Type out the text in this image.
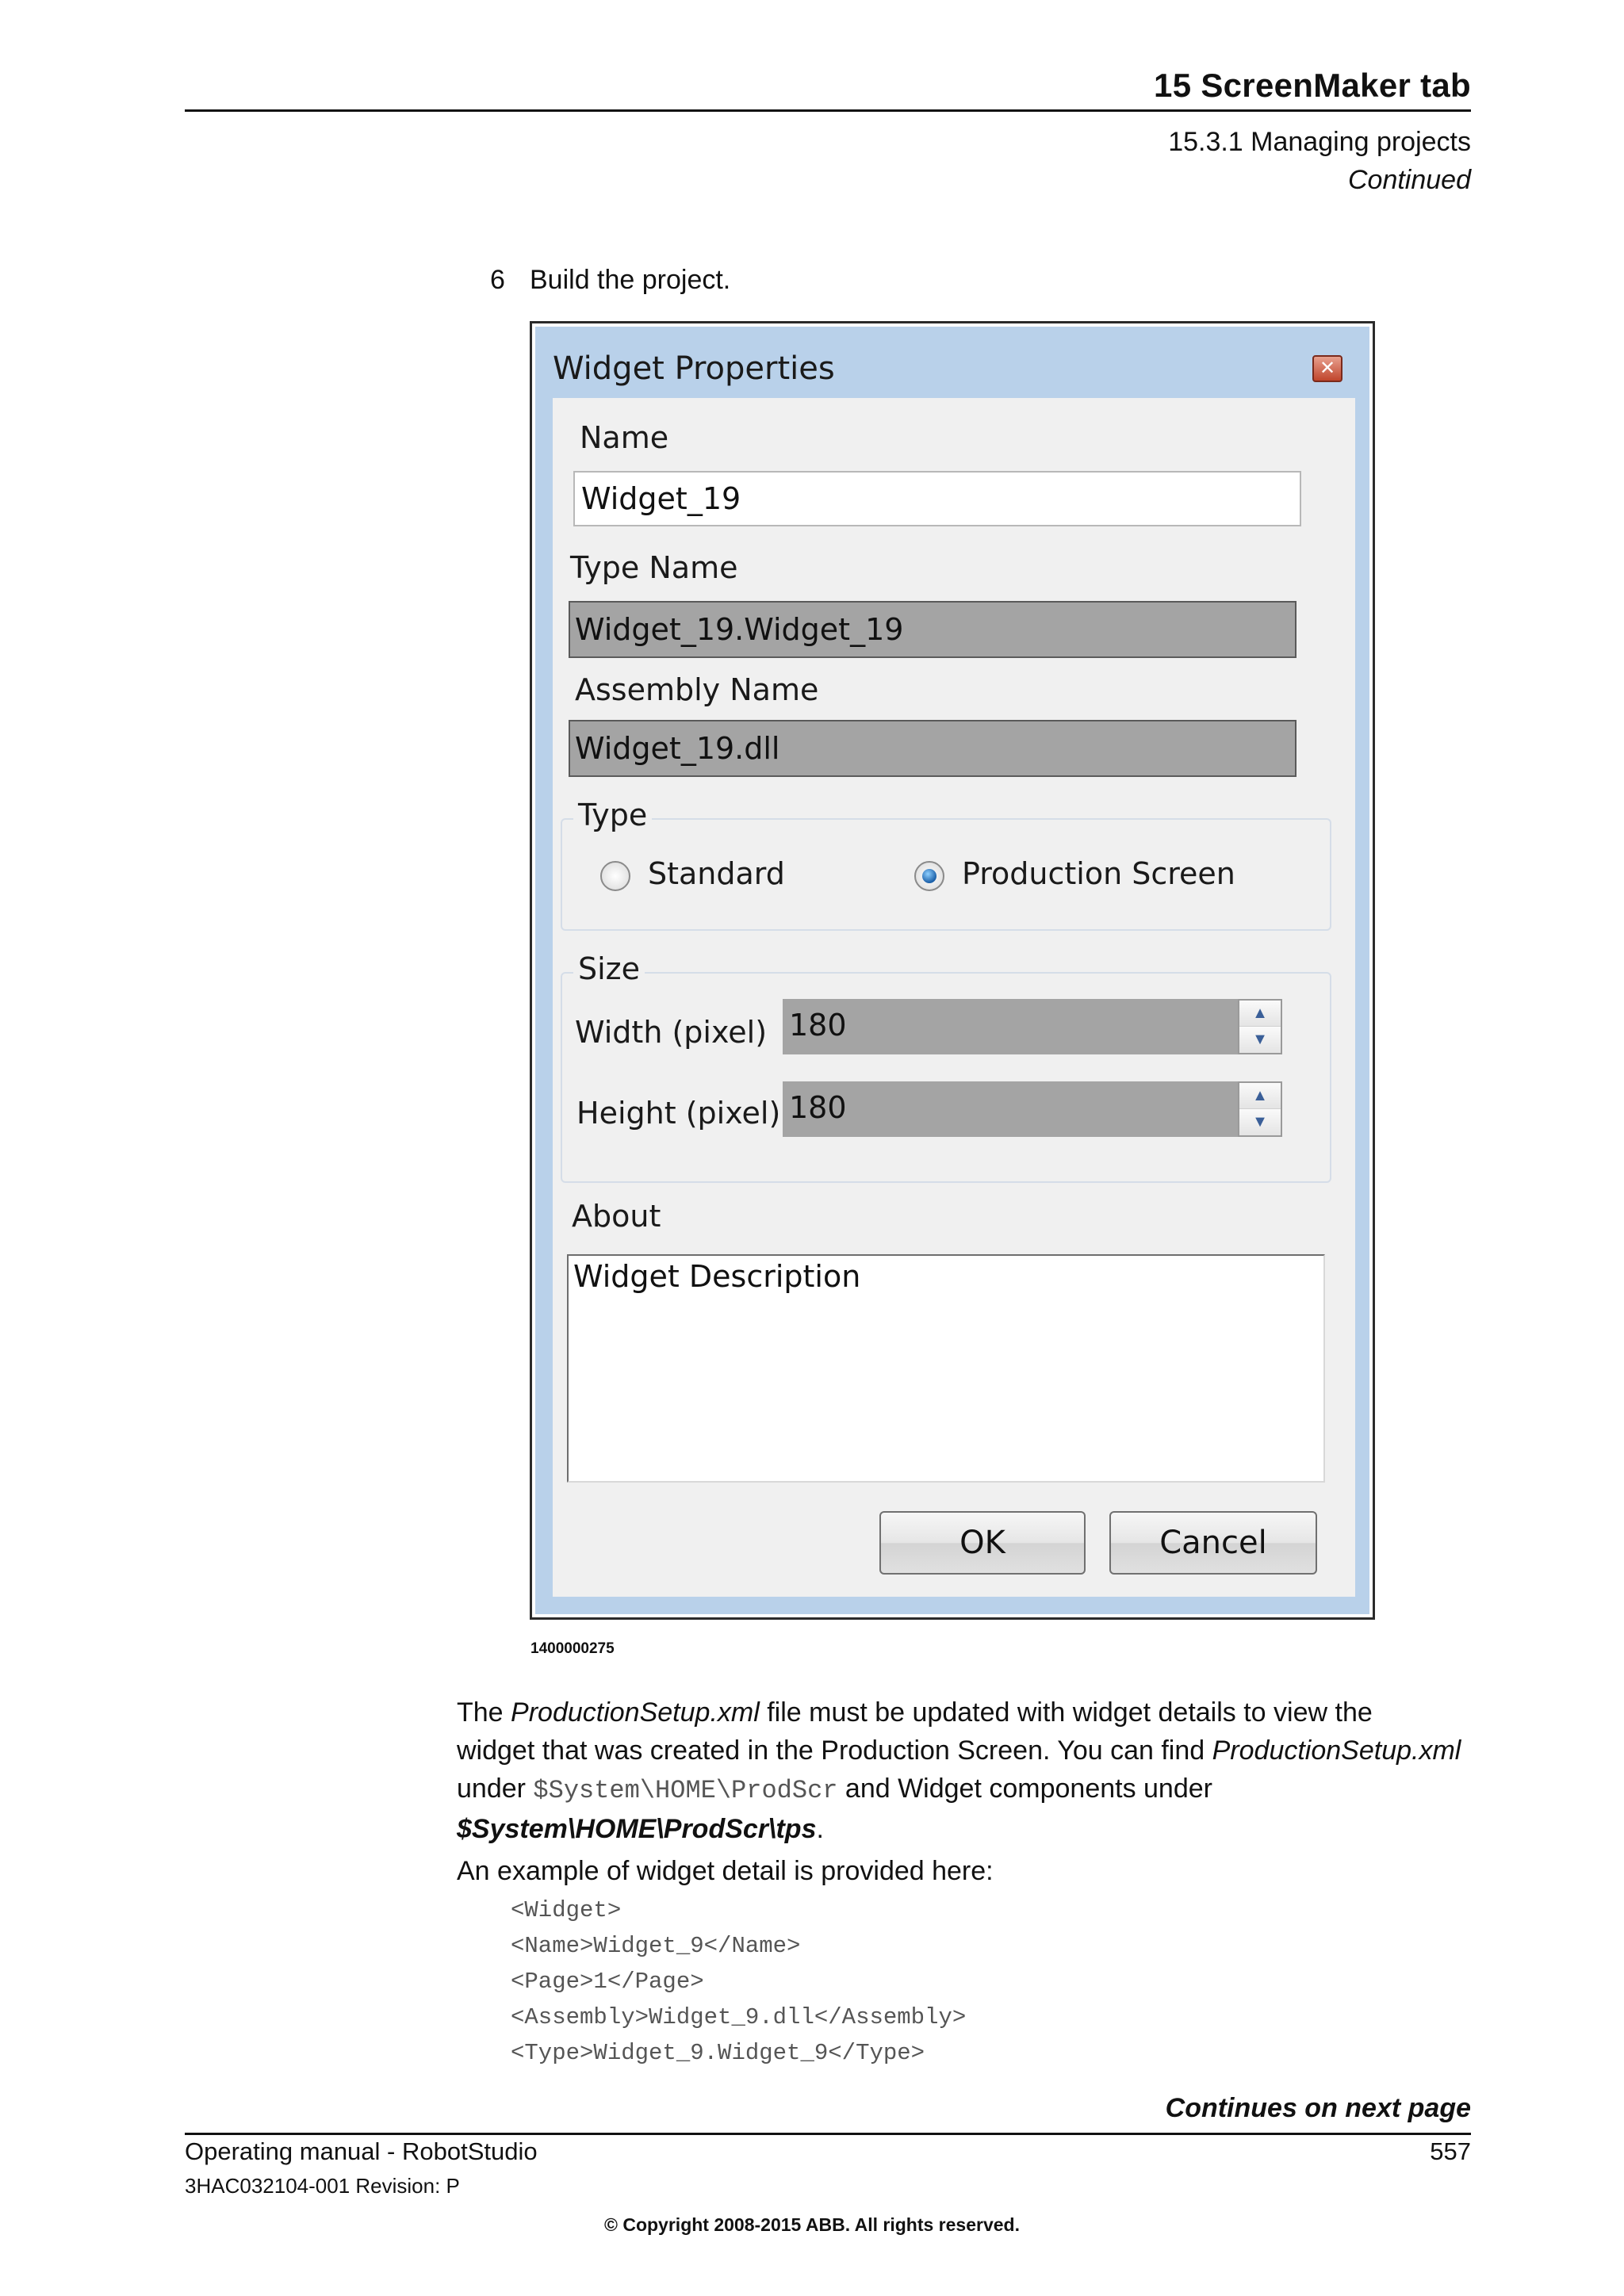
15 ScreenMaker tab
15.3.1 Managing projects
Continued
6 Build the project.
Widget Properties	✕
Name
Widget_19
Type Name
Widget_19.Widget_19
Assembly Name
Widget_19.dll
Type
Standard	Production Screen
Size
Width (pixel) 180	▲
▼
Height (pixel) 180	▲
▼
About
Widget Description
OK	Cancel
1400000275
The ProductionSetup.xml file must be updated with widget details to view the
widget that was created in the Production Screen. You can find ProductionSetup.xml
under $System\HOME\ProdScr and Widget components under
$System\HOME\ProdScr\tps.
An example of widget detail is provided here:
<Widget>
<Name>Widget_9</Name>
<Page>1</Page>
<Assembly>Widget_9.dll</Assembly>
<Type>Widget_9.Widget_9</Type>
Continues on next page
Operating manual - RobotStudio	557
3HAC032104-001 Revision: P
© Copyright 2008-2015 ABB. All rights reserved.
